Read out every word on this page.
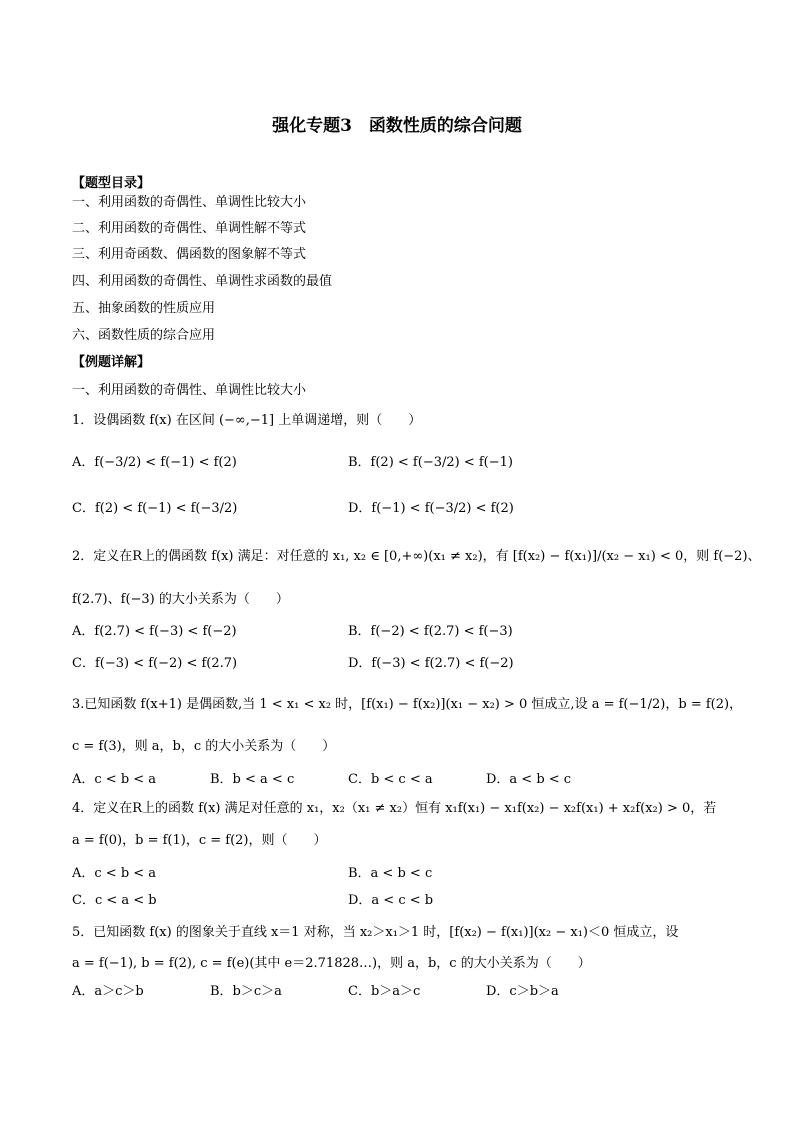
强化专题3　函数性质的综合问题
【题型目录】
一、利用函数的奇偶性、单调性比较大小
二、利用函数的奇偶性、单调性解不等式
三、利用奇函数、偶函数的图象解不等式
四、利用函数的奇偶性、单调性求函数的最值
五、抽象函数的性质应用
六、函数性质的综合应用
【例题详解】
一、利用函数的奇偶性、单调性比较大小
1．设偶函数 f(x) 在区间 (−∞,−1] 上单调递增，则（　　）
A．f(−3/2) < f(−1) < f(2)	B．f(2) < f(−3/2) < f(−1)
C．f(2) < f(−1) < f(−3/2)	D．f(−1) < f(−3/2) < f(2)
2．定义在R上的偶函数 f(x) 满足：对任意的 x₁, x₂ ∈ [0,+∞)(x₁ ≠ x₂)，有 [f(x₂) − f(x₁)]/(x₂ − x₁) < 0，则 f(−2)、
f(2.7)、f(−3) 的大小关系为（　　）
A．f(2.7) < f(−3) < f(−2)	B．f(−2) < f(2.7) < f(−3)
C．f(−3) < f(−2) < f(2.7)	D．f(−3) < f(2.7) < f(−2)
3.已知函数 f(x+1) 是偶函数,当 1 < x₁ < x₂ 时，[f(x₁) − f(x₂)](x₁ − x₂) > 0 恒成立,设 a = f(−1/2)，b = f(2)，
c = f(3)，则 a，b，c 的大小关系为（　　）
A．c < b < a	B．b < a < c	C．b < c < a	D．a < b < c
4．定义在R上的函数 f(x) 满足对任意的 x₁，x₂（x₁ ≠ x₂）恒有 x₁f(x₁) − x₁f(x₂) − x₂f(x₁) + x₂f(x₂) > 0，若
a = f(0)，b = f(1)，c = f(2)，则（　　）
A．c < b < a	B．a < b < c
C．c < a < b	D．a < c < b
5．已知函数 f(x) 的图象关于直线 x＝1 对称，当 x₂＞x₁＞1 时，[f(x₂) − f(x₁)](x₂ − x₁)＜0 恒成立，设
a = f(−1), b = f(2), c = f(e)(其中 e＝2.71828…)，则 a，b，c 的大小关系为（　　）
A．a＞c＞b	B．b＞c＞a	C．b＞a＞c	D．c＞b＞a
